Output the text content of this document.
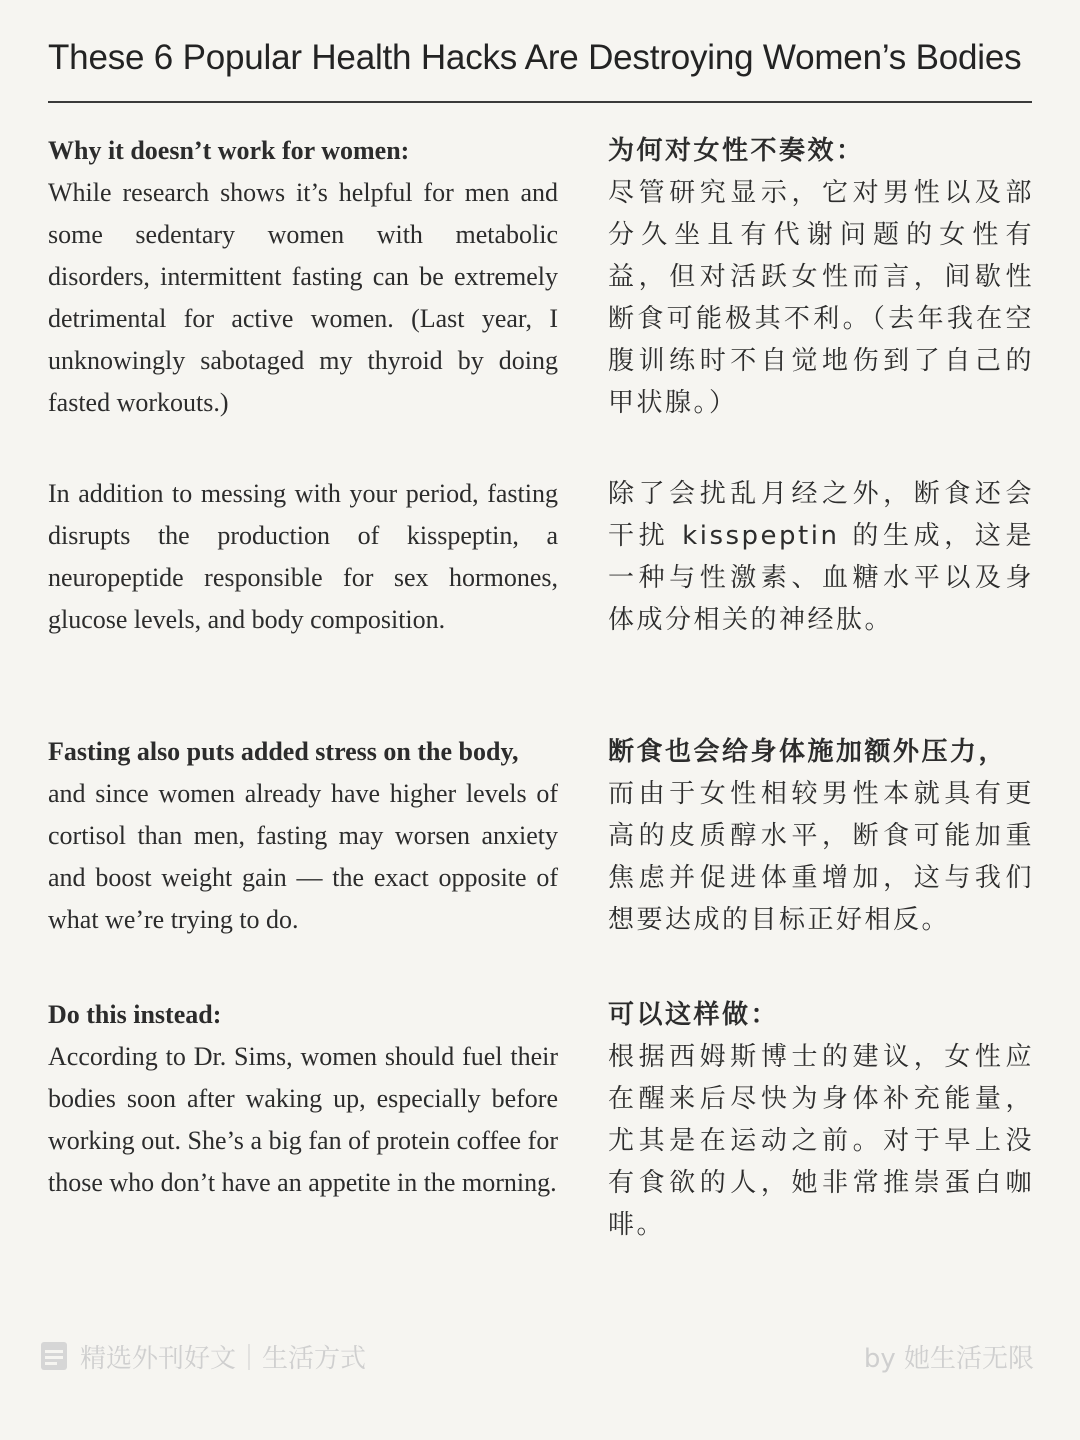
These 6 Popular Health Hacks Are Destroying Women’s Bodies
Why it doesn’t work for women:
While research shows it’s helpful for men and some sedentary women with metabolic disorders, intermittent fasting can be extremely detrimental for active women. (Last year, I unknowingly sabotaged my thyroid by doing fasted workouts.)
为何对女性不奏效：
尽管研究显示，它对男性以及部分久坐且有代谢问题的女性有益，但对活跃女性而言，间歇性断食可能极其不利。（去年我在空腹训练时不自觉地伤到了自己的甲状腺。）
In addition to messing with your period, fasting disrupts the production of kisspeptin, a neuropeptide responsible for sex hormones, glucose levels, and body composition.
除了会扰乱月经之外，断食还会干扰 kisspeptin 的生成，这是一种与性激素、血糖水平以及身体成分相关的神经肽。
Fasting also puts added stress on the body,
and since women already have higher levels of cortisol than men, fasting may worsen anxiety and boost weight gain — the exact opposite of what we’re trying to do.
断食也会给身体施加额外压力，
而由于女性相较男性本就具有更高的皮质醇水平，断食可能加重焦虑并促进体重增加，这与我们想要达成的目标正好相反。
Do this instead:
According to Dr. Sims, women should fuel their bodies soon after waking up, especially before working out. She’s a big fan of protein coffee for those who don’t have an appetite in the morning.
可以这样做：
根据西姆斯博士的建议，女性应在醒来后尽快为身体补充能量，尤其是在运动之前。对于早上没有食欲的人，她非常推崇蛋白咖啡。
精选外刊好文｜生活方式	by 她生活无限
